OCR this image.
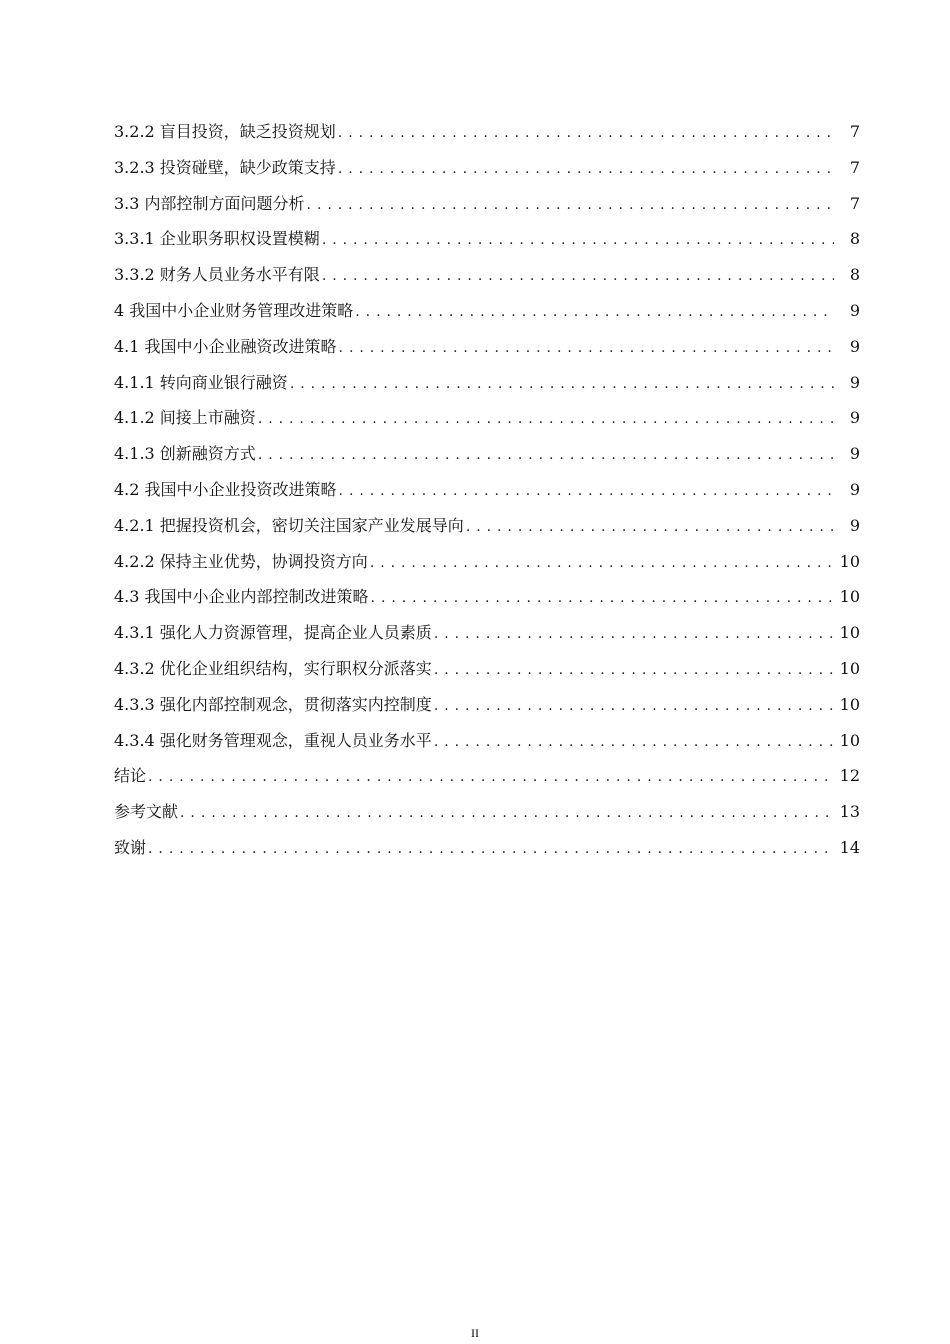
3.2.2 盲目投资，缺乏投资规划 . . .	7
3.2.3 投资碰壁，缺少政策支持 . . .	7
3.3 内部控制方面问题分析 . . .	7
3.3.1 企业职务职权设置模糊 . . .	8
3.3.2 财务人员业务水平有限 . . .	8
4 我国中小企业财务管理改进策略 . . .	9
4.1 我国中小企业融资改进策略 . . .	9
4.1.1 转向商业银行融资 . . .	9
4.1.2 间接上市融资 . . .	9
4.1.3 创新融资方式 . . .	9
4.2 我国中小企业投资改进策略 . . .	9
4.2.1 把握投资机会，密切关注国家产业发展导向 . . .	9
4.2.2 保持主业优势，协调投资方向 . . .	10
4.3 我国中小企业内部控制改进策略 . . .	10
4.3.1 强化人力资源管理，提高企业人员素质 . . .	10
4.3.2 优化企业组织结构，实行职权分派落实 . . .	10
4.3.3 强化内部控制观念，贯彻落实内控制度 . . .	10
4.3.4 强化财务管理观念，重视人员业务水平 . . .	10
结论 . . .	12
参考文献 . . .	13
致谢 . . .	14
II
